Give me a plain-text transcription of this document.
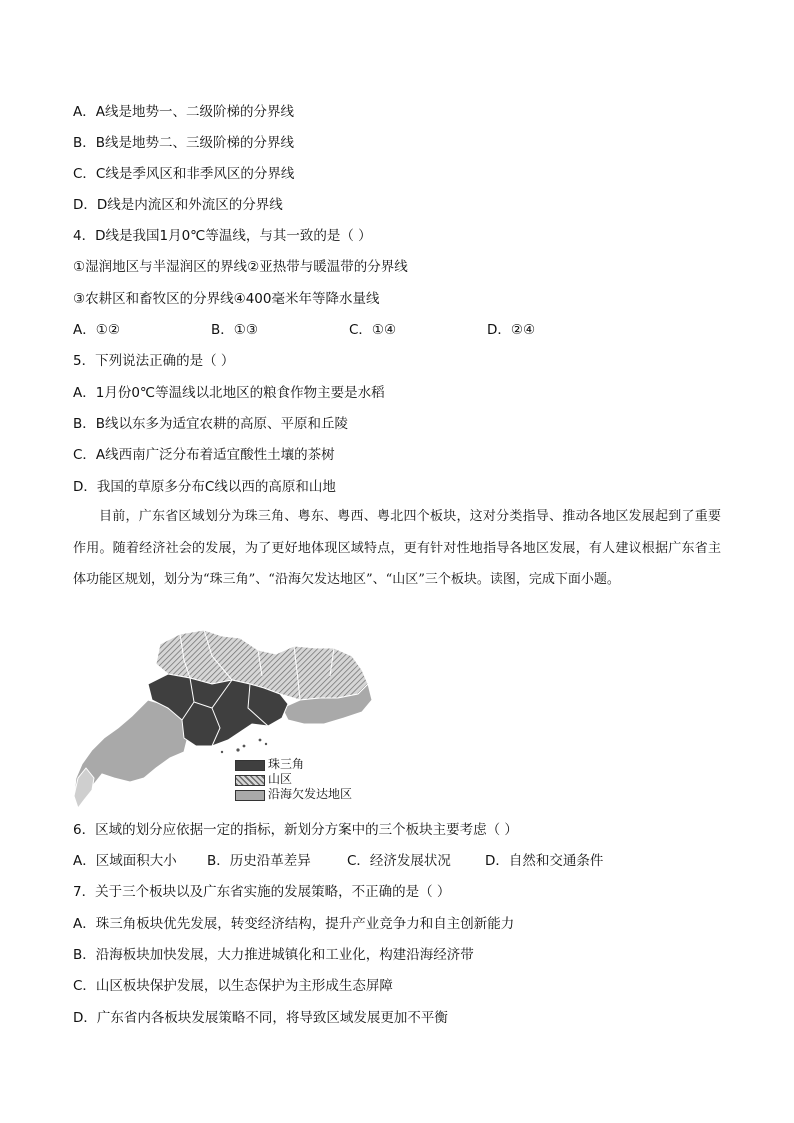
A．A线是地势一、二级阶梯的分界线
B．B线是地势二、三级阶梯的分界线
C．C线是季风区和非季风区的分界线
D．D线是内流区和外流区的分界线
4．D线是我国1月0℃等温线，与其一致的是（ ）
①湿润地区与半湿润区的界线②亚热带与暖温带的分界线
③农耕区和畜牧区的分界线④400毫米年等降水量线
A．①②	B．①③	C．①④	D．②④
5．下列说法正确的是（ ）
A．1月份0℃等温线以北地区的粮食作物主要是水稻
B．B线以东多为适宜农耕的高原、平原和丘陵
C．A线西南广泛分布着适宜酸性土壤的茶树
D．我国的草原多分布C线以西的高原和山地
目前，广东省区域划分为珠三角、粤东、粤西、粤北四个板块，这对分类指导、推动各地区发展起到了重要作用。随着经济社会的发展，为了更好地体现区域特点，更有针对性地指导各地区发展，有人建议根据广东省主体功能区规划，划分为“珠三角”、“沿海欠发达地区”、“山区”三个板块。读图，完成下面小题。
珠三角
山区
沿海欠发达地区
6．区域的划分应依据一定的指标，新划分方案中的三个板块主要考虑（ ）
A．区域面积大小 B．历史沿革差异	C．经济发展状况	D．自然和交通条件
7．关于三个板块以及广东省实施的发展策略，不正确的是（ ）
A．珠三角板块优先发展，转变经济结构，提升产业竞争力和自主创新能力
B．沿海板块加快发展，大力推进城镇化和工业化，构建沿海经济带
C．山区板块保护发展，以生态保护为主形成生态屏障
D．广东省内各板块发展策略不同，将导致区域发展更加不平衡
